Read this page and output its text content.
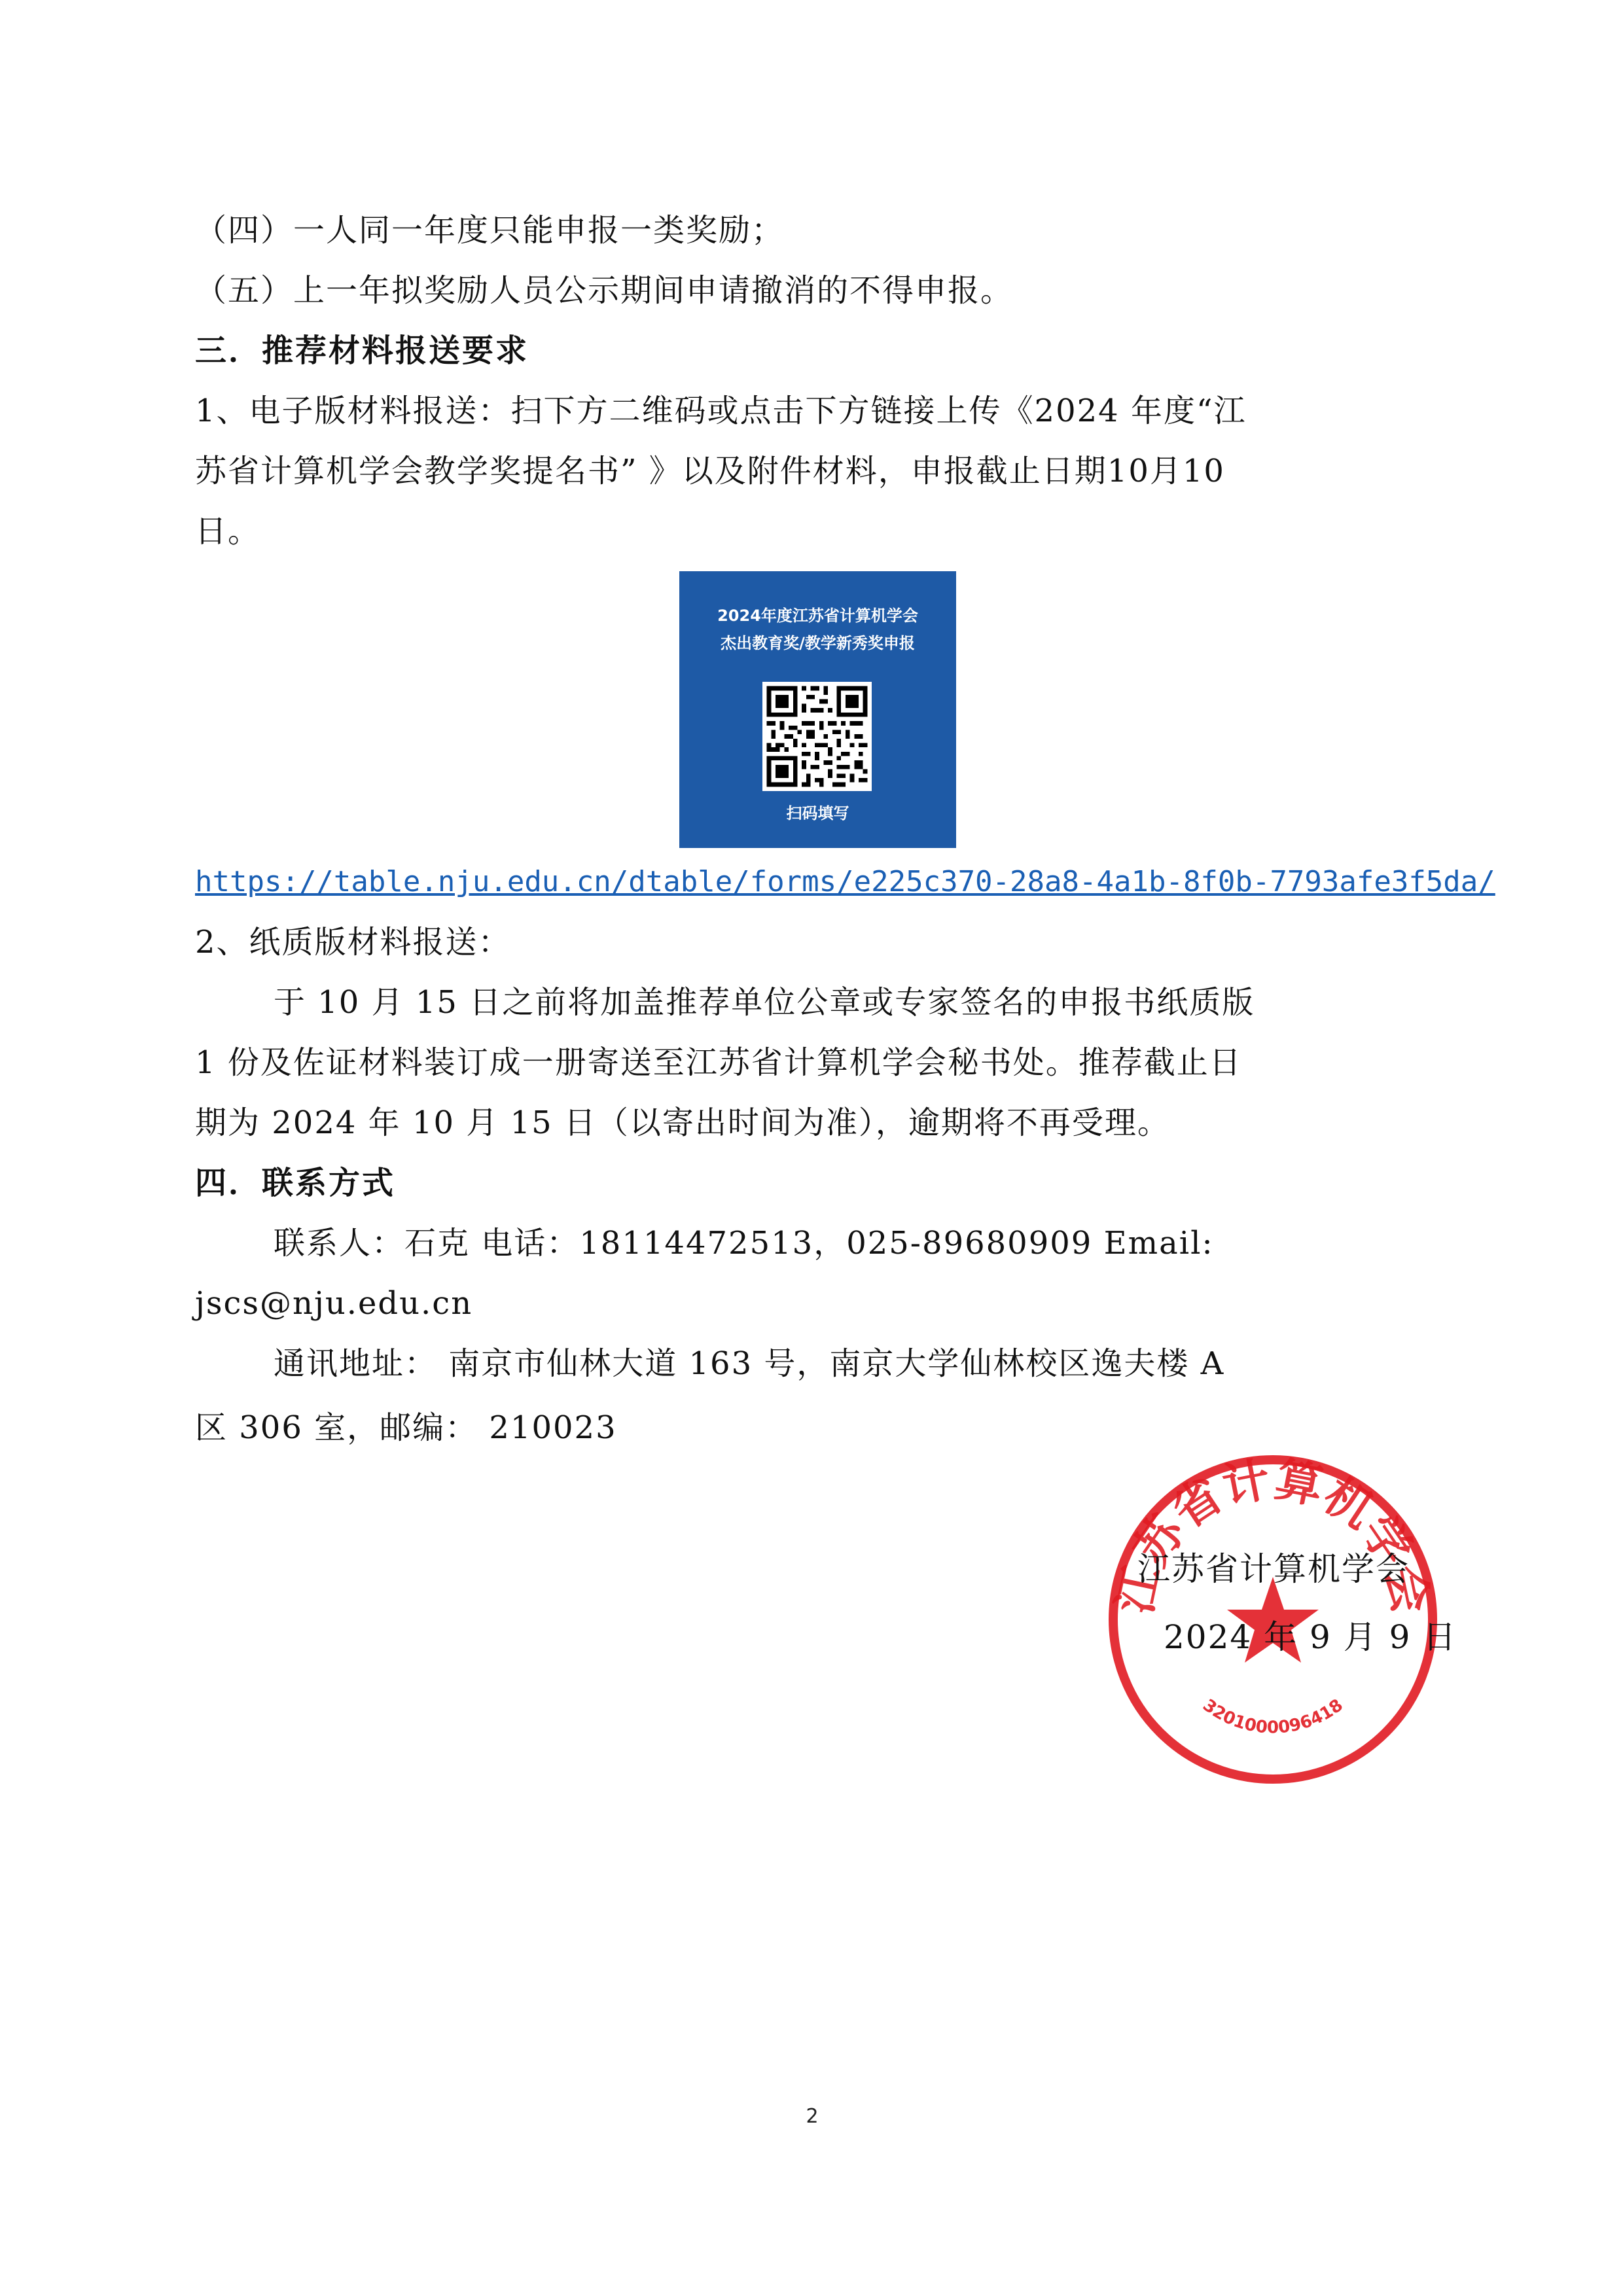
（四）一人同一年度只能申报一类奖励；
（五）上一年拟奖励人员公示期间申请撤消的不得申报。
三．推荐材料报送要求
1、电子版材料报送：扫下方二维码或点击下方链接上传《2024 年度“江
苏省计算机学会教学奖提名书” 》以及附件材料，申报截止日期10月10
日。
2024年度江苏省计算机学会
杰出教育奖/教学新秀奖申报
扫码填写
https://table.nju.edu.cn/dtable/forms/e225c370-28a8-4a1b-8f0b-7793afe3f5da/
2、纸质版材料报送：
于 10 月 15 日之前将加盖推荐单位公章或专家签名的申报书纸质版
1 份及佐证材料装订成一册寄送至江苏省计算机学会秘书处。推荐截止日
期为 2024 年 10 月 15 日（以寄出时间为准），逾期将不再受理。
四．联系方式
联系人：石克 电话：18114472513，025-89680909 Email:
jscs@nju.edu.cn
通讯地址： 南京市仙林大道 163 号，南京大学仙林校区逸夫楼 A
区 306 室，邮编： 210023
江苏省计算机学会
3201000096418
江苏省计算机学会
2024 年 9 月 9 日
2
